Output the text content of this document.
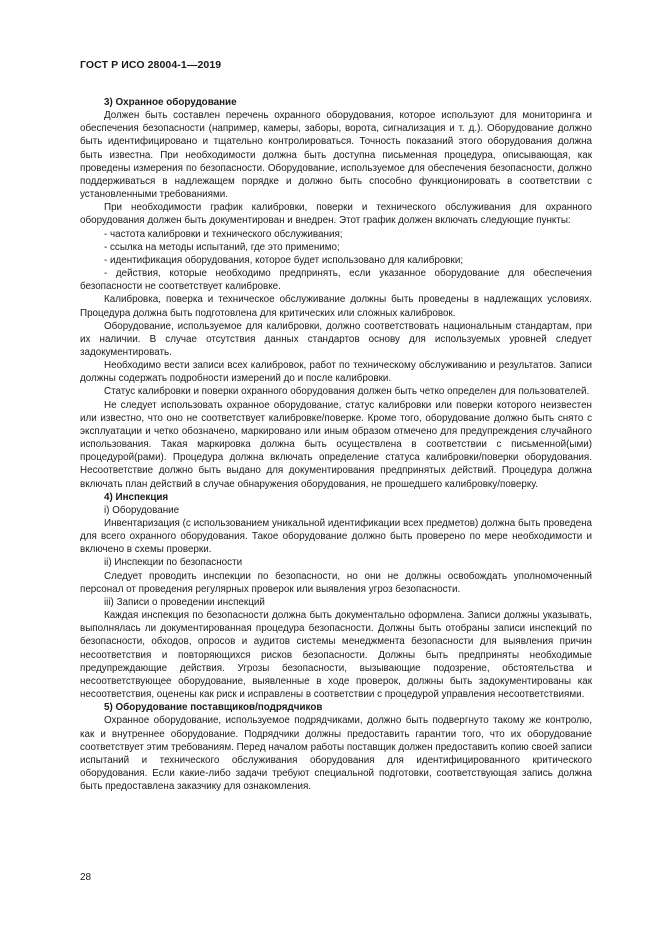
ГОСТ Р ИСО 28004-1—2019

3) Охранное оборудование

Должен быть составлен перечень охранного оборудования, которое используют для мониторинга и обеспечения безопасности (например, камеры, заборы, ворота, сигнализация и т. д.). Оборудование должно быть идентифицировано и тщательно контролироваться. Точность показаний этого оборудования должна быть известна. При необходимости должна быть доступна письменная процедура, описывающая, как проведены измерения по безопасности. Оборудование, используемое для обеспечения безопасности, должно поддерживаться в надлежащем порядке и должно быть способно функционировать в соответствии с установленными требованиями.

При необходимости график калибровки, поверки и технического обслуживания для охранного оборудования должен быть документирован и внедрен. Этот график должен включать следующие пункты:

- частота калибровки и технического обслуживания;

- ссылка на методы испытаний, где это применимо;

- идентификация оборудования, которое будет использовано для калибровки;

- действия, которые необходимо предпринять, если указанное оборудование для обеспечения безопасности не соответствует калибровке.

Калибровка, поверка и техническое обслуживание должны быть проведены в надлежащих условиях. Процедура должна быть подготовлена для критических или сложных калибровок.

Оборудование, используемое для калибровки, должно соответствовать национальным стандартам, при их наличии. В случае отсутствия данных стандартов основу для используемых уровней следует задокументировать.

Необходимо вести записи всех калибровок, работ по техническому обслуживанию и результатов. Записи должны содержать подробности измерений до и после калибровки.

Статус калибровки и поверки охранного оборудования должен быть четко определен для пользователей.

Не следует использовать охранное оборудование, статус калибровки или поверки которого неизвестен или известно, что оно не соответствует калибровке/поверке. Кроме того, оборудование должно быть снято с эксплуатации и четко обозначено, маркировано или иным образом отмечено для предупреждения случайного использования. Такая маркировка должна быть осуществлена в соответствии с письменной(ыми) процедурой(рами). Процедура должна включать определение статуса калибровки/поверки оборудования. Несоответствие должно быть выдано для документирования предпринятых действий. Процедура должна включать план действий в случае обнаружения оборудования, не прошедшего калибровку/поверку.

4) Инспекция

i) Оборудование

Инвентаризация (с использованием уникальной идентификации всех предметов) должна быть проведена для всего охранного оборудования. Такое оборудование должно быть проверено по мере необходимости и включено в схемы проверки.

ii) Инспекции по безопасности

Следует проводить инспекции по безопасности, но они не должны освобождать уполномоченный персонал от проведения регулярных проверок или выявления угроз безопасности.

iii) Записи о проведении инспекций

Каждая инспекция по безопасности должна быть документально оформлена. Записи должны указывать, выполнялась ли документированная процедура безопасности. Должны быть отобраны записи инспекций по безопасности, обходов, опросов и аудитов системы менеджмента безопасности для выявления причин несоответствия и повторяющихся рисков безопасности. Должны быть предприняты необходимые предупреждающие действия. Угрозы безопасности, вызывающие подозрение, обстоятельства и несоответствующее оборудование, выявленные в ходе проверок, должны быть задокументированы как несоответствия, оценены как риск и исправлены в соответствии с процедурой управления несоответствиями.

5) Оборудование поставщиков/подрядчиков

Охранное оборудование, используемое подрядчиками, должно быть подвергнуто такому же контролю, как и внутреннее оборудование. Подрядчики должны предоставить гарантии того, что их оборудование соответствует этим требованиям. Перед началом работы поставщик должен предоставить копию своей записи испытаний и технического обслуживания оборудования для идентифицированного критического оборудования. Если какие-либо задачи требуют специальной подготовки, соответствующая запись должна быть предоставлена заказчику для ознакомления.

28
